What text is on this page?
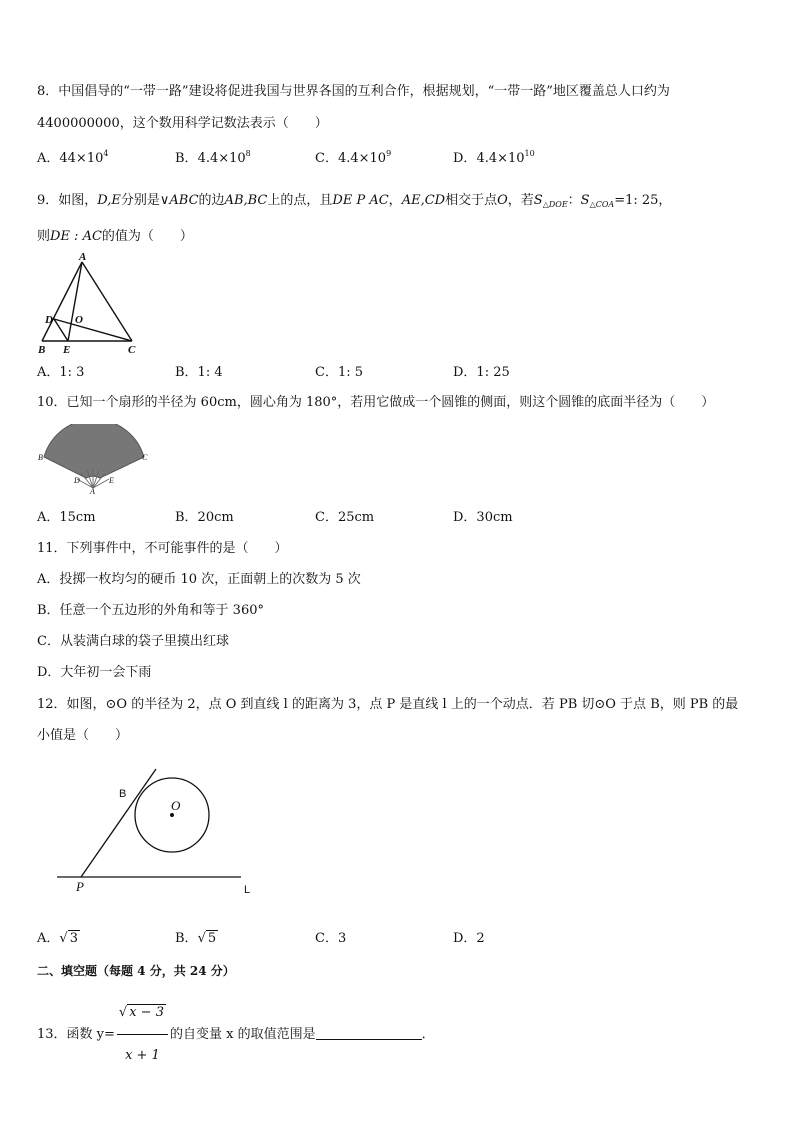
8．中国倡导的“一带一路”建设将促进我国与世界各国的互利合作，根据规划，“一带一路”地区覆盖总人口约为
4400000000，这个数用科学记数法表示（　　）
A．$44\times 10^4$	B．$4.4\times 10^8$	C．$4.4\times 10^9$	D．$4.4\times 10^{10}$
9．如图，D,E分别是∨ABC的边AB,BC上的点，且DE P AC，AE,CD相交于点O，若$S_{\triangle DOE}$：$S_{\triangle COA}=1$: 25，
则DE : AC的值为（　　）
A
D O
B E	C
A．1: 3	B．1: 4	C．1: 5	D．1: 25
10．已知一个扇形的半径为 60cm，圆心角为 180°，若用它做成一个圆锥的侧面，则这个圆锥的底面半径为（　　）
B	C
D
A
E
A．15cm	B．20cm	C．25cm	D．30cm
11．下列事件中，不可能事件的是（　　）
A．投掷一枚均匀的硬币 10 次，正面朝上的次数为 5 次
B．任意一个五边形的外角和等于 360°
C．从装满白球的袋子里摸出红球
D．大年初一会下雨
12．如图，⊙O 的半径为 2，点 O 到直线 l 的距离为 3，点 P 是直线 l 上的一个动点．若 PB 切⊙O 于点 B，则 PB 的最
小值是（　　）
B
O
P	L
A．√ 3	B．√ 5	C．3	D．2
二、填空题（每题 4 分，共 24 分）
13．函数 $y= \frac{√ x - 3}{x + 1}$ 的自变量 x 的取值范围是	．
